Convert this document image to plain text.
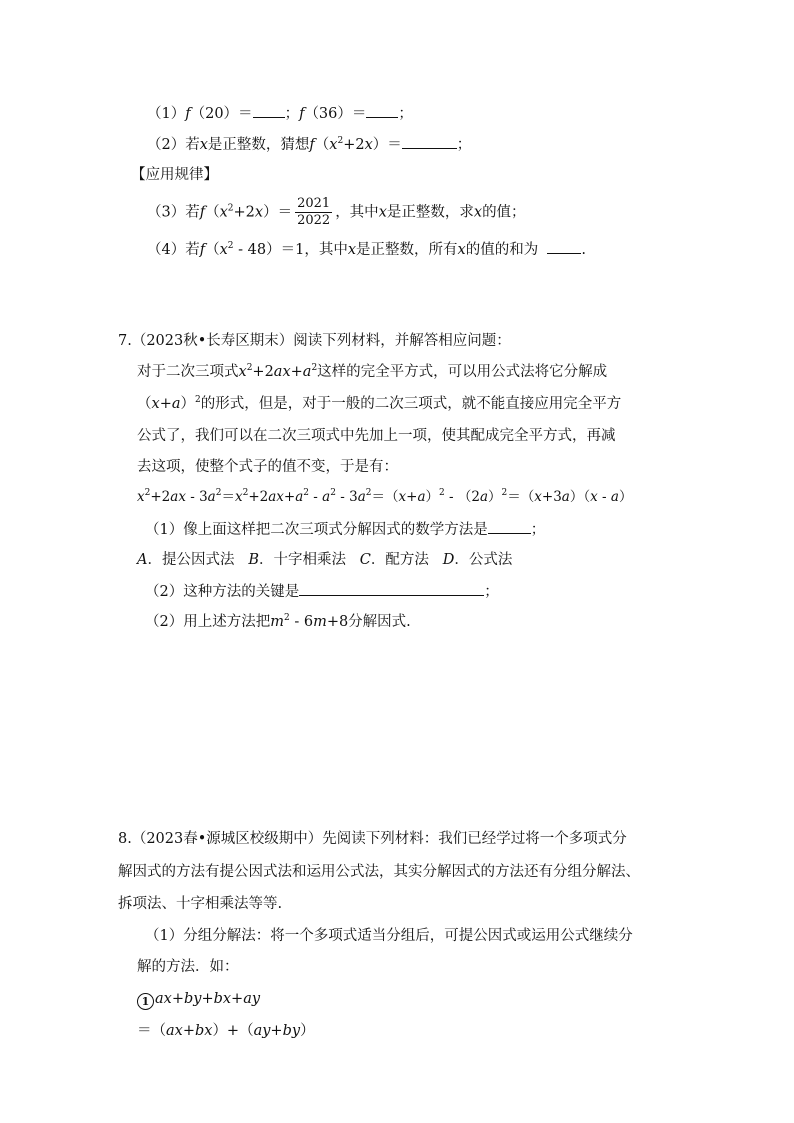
（1）f（20）＝ ；f（36）＝ ；
（2）若x是正整数，猜想$f(x^2+2x)=$	；
【应用规律】
（3）若$f(x^2+2x)= \frac{2021}{2022}$ ，其中x是正整数，求x的值；
（4）若$f(x^2 - 48)=1$，其中x是正整数，所有x的值的和为	.
7.（2023秋•长寿区期末）阅读下列材料，并解答相应问题：
对于二次三项式$x^2+2ax+a^2$这样的完全平方式，可以用公式法将它分解成
$(x+a)^2$的形式，但是，对于一般的二次三项式，就不能直接应用完全平方
公式了，我们可以在二次三项式中先加上一项，使其配成完全平方式，再减
去这项，使整个式子的值不变，于是有：
$x^2+2ax - 3a^2=x^2+2ax+a^2 - a^2 - 3a^2=(x+a)^2 - (2a)^2=(x+3a)(x - a)$
（1）像上面这样把二次三项式分解因式的数学方法是	；
A．提公因式法 B．十字相乘法 C．配方法 D．公式法
（2）这种方法的关键是	；
（2）用上述方法把$m^2 - 6m+8$分解因式.
8.（2023春•源城区校级期中）先阅读下列材料：我们已经学过将一个多项式分
解因式的方法有提公因式法和运用公式法，其实分解因式的方法还有分组分解法、
拆项法、十字相乘法等等.
（1）分组分解法：将一个多项式适当分组后，可提公因式或运用公式继续分
解的方法．如：
1 ax+by+bx+ay
＝（ax+bx）+（ay+by）
